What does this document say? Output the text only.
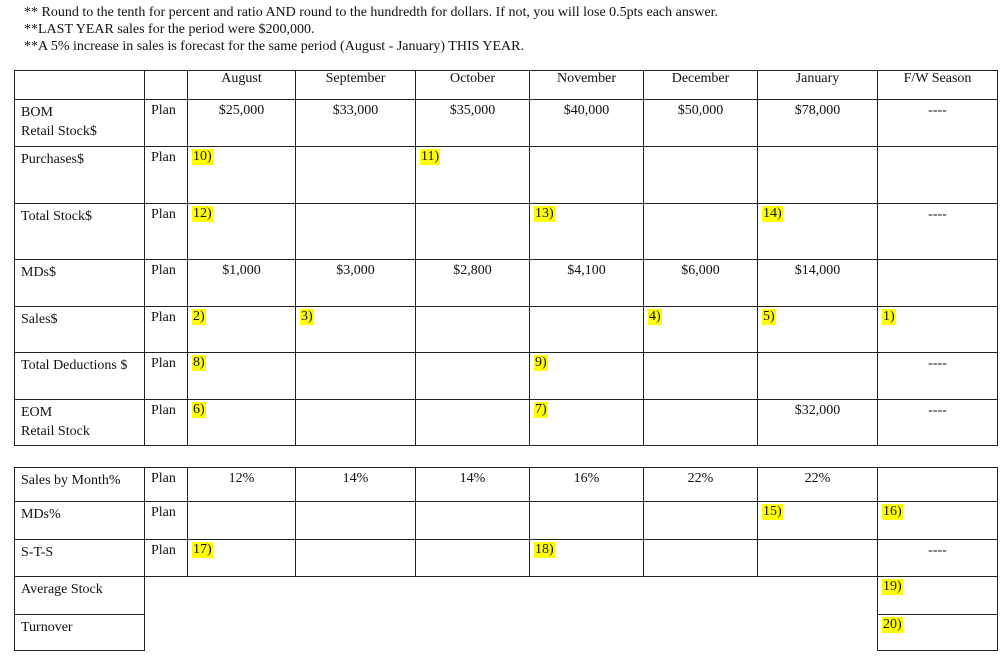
** Round to the tenth for percent and ratio AND round to the hundredth for dollars. If not, you will lose 0.5pts each answer.
**LAST YEAR sales for the period were $200,000.
**A 5% increase in sales is forecast for the same period (August - January) THIS YEAR.
		August	September	October	November	December	January	F/W Season

BOM
Retail Stock$	Plan	$25,000	$33,000	$35,000	$40,000	$50,000	$78,000	----
Purchases$	Plan	10)		11)				
Total Stock$	Plan	12)			13)		14)	----
MDs$	Plan	$1,000	$3,000	$2,800	$4,100	$6,000	$14,000	
Sales$	Plan	2)	3)			4)	5)	1)
Total Deductions $	Plan	8)			9)			----

EOM
Retail Stock	Plan	6)			7)		$32,000	----
Sales by Month%	Plan	12%	14%	14%	16%	22%	22%	
MDs%	Plan						15)	16)
S-T-S	Plan	17)			18)			----
Average Stock								19)
Turnover								20)
